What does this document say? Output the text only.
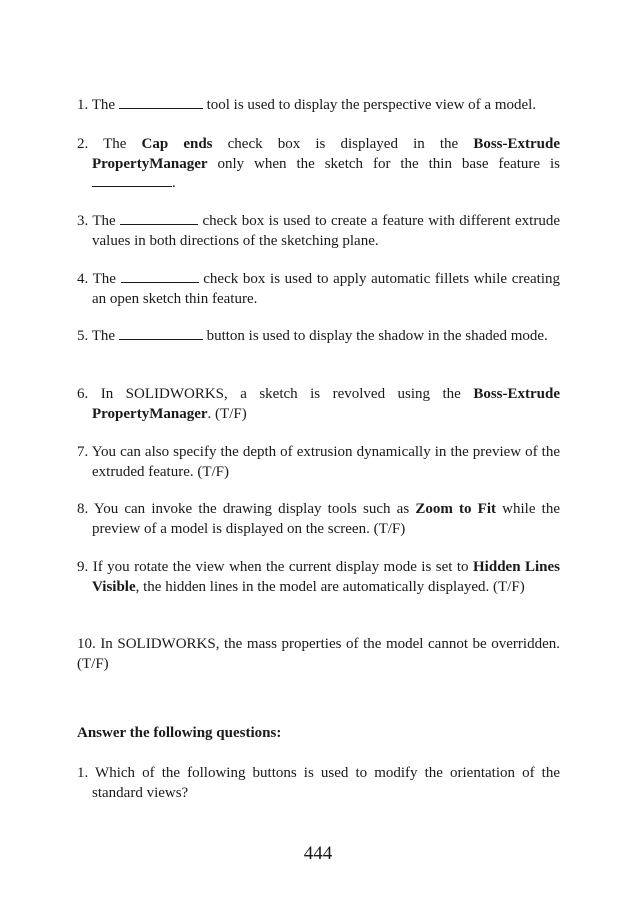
1. The	tool is used to display the perspective view of a model.

2. The Cap ends check box is displayed in the Boss-Extrude PropertyManager only when the sketch for the thin base feature is .

3. The	check box is used to create a feature with different extrude values in both directions of the sketching plane.

4. The	check box is used to apply automatic fillets while creating an open sketch thin feature.

5. The	button is used to display the shadow in the shaded mode.

6. In SOLIDWORKS, a sketch is revolved using the Boss-Extrude PropertyManager. (T/F)

7. You can also specify the depth of extrusion dynamically in the preview of the extruded feature. (T/F)

8. You can invoke the drawing display tools such as Zoom to Fit while the preview of a model is displayed on the screen. (T/F)

9. If you rotate the view when the current display mode is set to Hidden Lines Visible, the hidden lines in the model are automatically displayed. (T/F)

10. In SOLIDWORKS, the mass properties of the model cannot be overridden. (T/F)

Answer the following questions:

1. Which of the following buttons is used to modify the orientation of the standard views?

444
